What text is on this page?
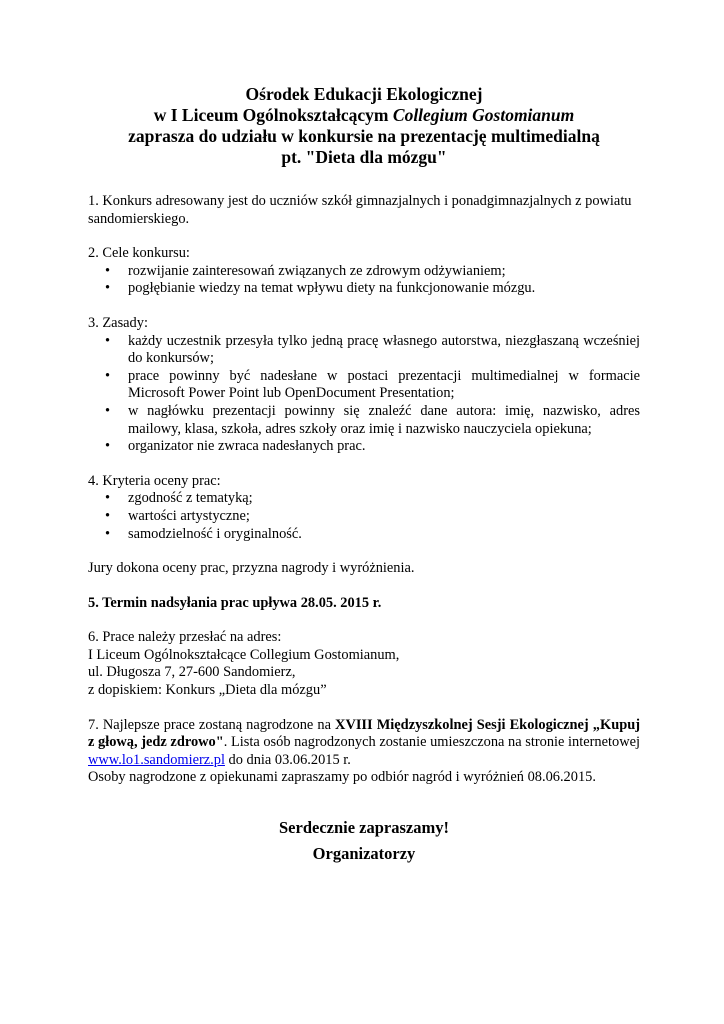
Ośrodek Edukacji Ekologicznej
w I Liceum Ogólnokształcącym Collegium Gostomianum
zaprasza do udziału w konkursie na prezentację multimedialną
pt. "Dieta dla mózgu"

1. Konkurs adresowany jest do uczniów szkół gimnazjalnych i ponadgimnazjalnych z powiatu sandomierskiego.

2. Cele konkursu:

• rozwijanie zainteresowań związanych ze zdrowym odżywianiem;
• pogłębianie wiedzy na temat wpływu diety na funkcjonowanie mózgu.

3. Zasady:

• każdy uczestnik przesyła tylko jedną pracę własnego autorstwa, niezgłaszaną wcześniej do konkursów;
• prace powinny być nadesłane w postaci prezentacji multimedialnej w formacie Microsoft Power Point lub OpenDocument Presentation;
• w nagłówku prezentacji powinny się znaleźć dane autora: imię, nazwisko, adres mailowy, klasa, szkoła, adres szkoły oraz imię i nazwisko nauczyciela opiekuna;
• organizator nie zwraca nadesłanych prac.

4. Kryteria oceny prac:

• zgodność z tematyką;
• wartości artystyczne;
• samodzielność i oryginalność.

Jury dokona oceny prac, przyzna nagrody i wyróżnienia.

5. Termin nadsyłania prac upływa 28.05. 2015 r.

6. Prace należy przesłać na adres:

I Liceum Ogólnokształcące Collegium Gostomianum,

ul. Długosza 7, 27-600 Sandomierz,

z dopiskiem: Konkurs „Dieta dla mózgu”

7. Najlepsze prace zostaną nagrodzone na XVIII Międzyszkolnej Sesji Ekologicznej „Kupuj z głową, jedz zdrowo". Lista osób nagrodzonych zostanie umieszczona na stronie internetowej www.lo1.sandomierz.pl do dnia 03.06.2015 r.

Osoby nagrodzone z opiekunami zapraszamy po odbiór nagród i wyróżnień 08.06.2015.

Serdecznie zapraszamy!
Organizatorzy
